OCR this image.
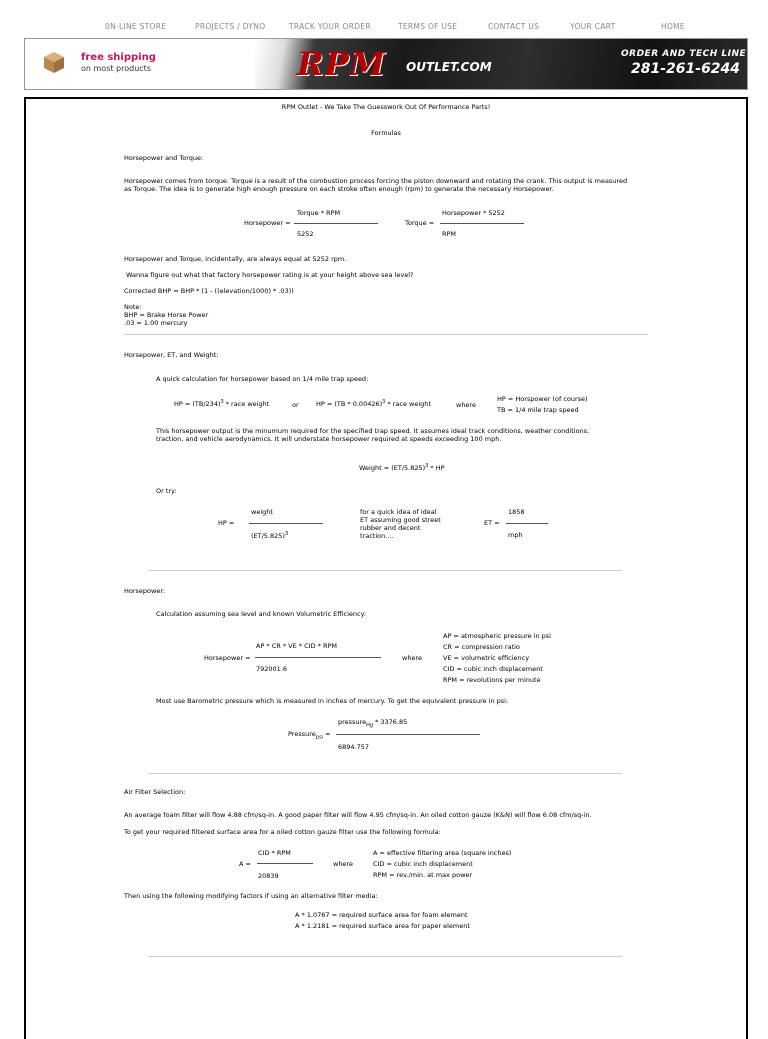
0N-LINE STORE	PROJECTS / DYNO	TRACK YOUR ORDER	TERMS OF USE	CONTACT US	YOUR CART	HOME
free shipping
on most products	RPM OUTLET.COM
ORDER AND TECH LINE
281-261-6244
RPM Outlet - We Take The Guesswork Out Of Performance Parts!
Formulas
Horsepower and Torque:
Horsepower comes from torque. Torque is a result of the combustion process forcing the piston downward and rotating the crank. This output is measured
as Torque. The idea is to generate high enough pressure on each stroke often enough (rpm) to generate the necessary Horsepower.
Torque * RPM
Horsepower =
5252
Horsepower * 5252
Torque =
RPM
Horsepower and Torque, incidentally, are always equal at 5252 rpm.
Wanna figure out what that factory horsepower rating is at your height above sea level?
Corrected BHP = BHP * (1 - ((elevation/1000) * .03))
Note:
BHP = Brake Horse Power
.03 = 1.00 mercury
Horsepower, ET, and Weight:
A quick calculation for horsepower based on 1/4 mile trap speed:
HP = $(TB/234)^3$ * race weight	or	HP = (TB * 0.00426)$^3$ * race weight	where
HP = Horspower (of course)
TB = 1/4 mile trap speed
This horsepower output is the minumum required for the specified trap speed. It assumes ideal track conditions, weather conditions,
traction, and vehicle aerodynamics. It will understate horsepower required at speeds exceeding 100 mph.
Weight = $(ET/5.825)^3$ * HP
Or try:
weight
HP =
$(ET/5.825)^3$
for a quick idea of ideal
ET assuming good street
rubber and decent
traction....
1858
ET =
mph
Horsepower:
Calculation assuming sea level and known Volumetric Efficiency:
AP * CR * VE * CID * RPM
Horsepower =
792001.6
where
AP = atmospheric pressure in psi
CR = compression ratio
VE = volumetric efficiency
CID = cubic inch displacement
RPM = revolutions per minute
Most use Barometric pressure which is measured in inches of mercury. To get the equivalent pressure in psi:
pressure$_{Hg}$ * 3376.85
Pressure$_{psi}$ =
6894.757
Air Filter Selection:
An average foam filter will flow 4.88 cfm/sq-in. A good paper filter will flow 4.95 cfm/sq-in. An oiled cotton gauze (K&N) will flow 6.08 cfm/sq-in.
To get your required filtered surface area for a oiled cotton gauze filter use the following formula:
CID * RPM
A =
20839
where
A = effective filtering area (square inches)
CID = cubic inch displacement
RPM = rev./min. at max power
Then using the following modifying factors if using an alternative filter media:
A * 1.0767 = required surface area for foam element
A * 1.2181 = required surface area for paper element
